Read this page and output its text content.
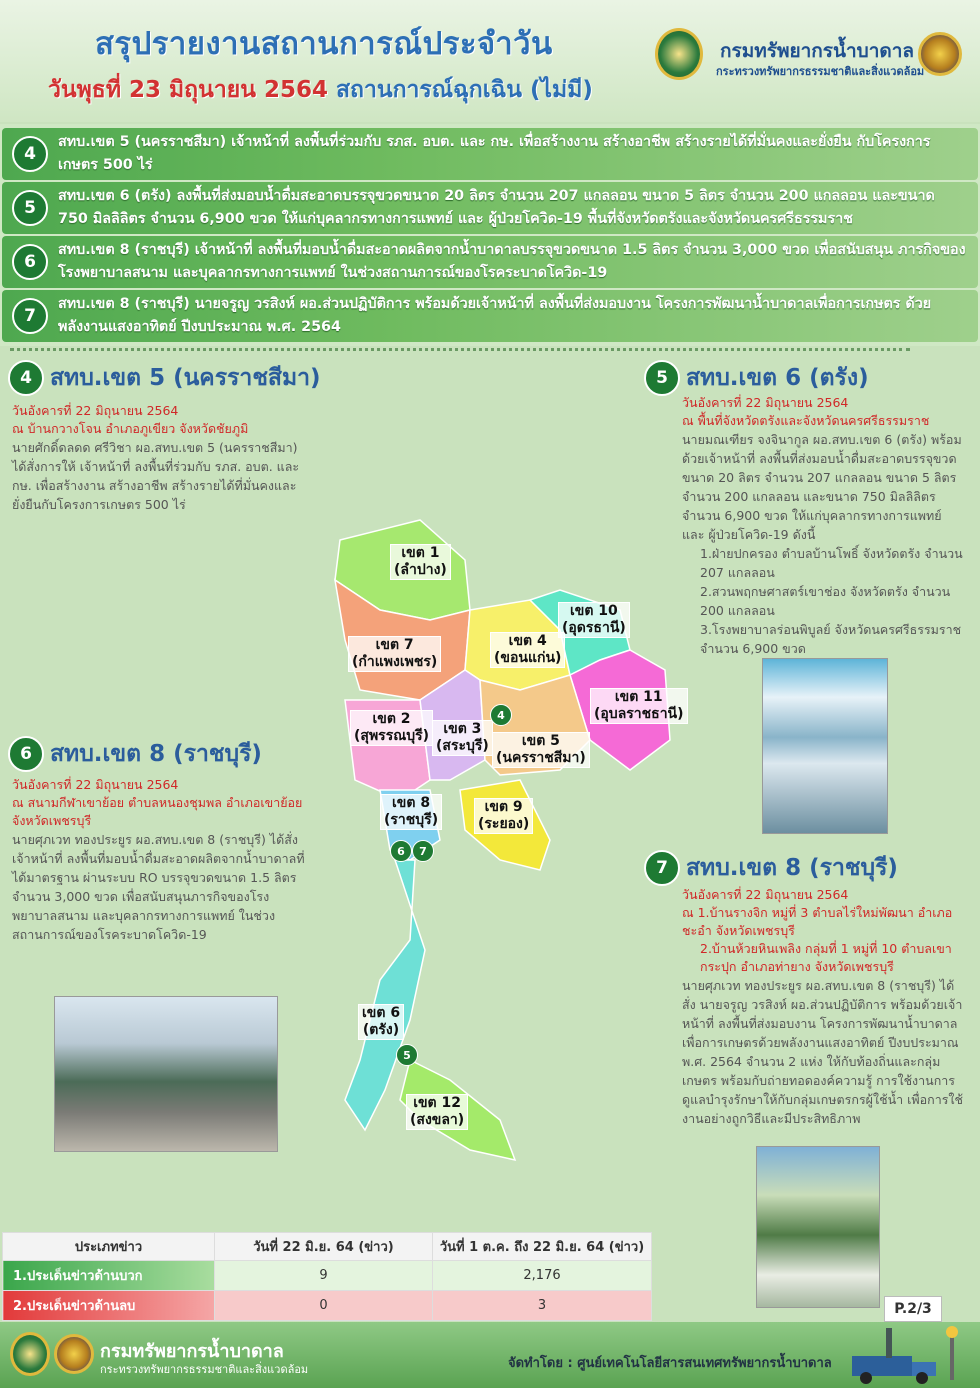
สรุปรายงานสถานการณ์ประจำวัน
วันพุธที่ 23 มิถุนายน 2564 สถานการณ์ฉุกเฉิน (ไม่มี)
กรมทรัพยากรน้ำบาดาล
กระทรวงทรัพยากรธรรมชาติและสิ่งแวดล้อม
4
สทบ.เขต 5 (นครราชสีมา) เจ้าหน้าที่ ลงพื้นที่ร่วมกับ รภส. อบต. และ กษ. เพื่อสร้างงาน สร้างอาชีพ สร้างรายได้ที่มั่นคงและยั่งยืน กับโครงการเกษตร 500 ไร่
5
สทบ.เขต 6 (ตรัง) ลงพื้นที่ส่งมอบน้ำดื่มสะอาดบรรจุขวดขนาด 20 ลิตร จำนวน 207 แกลลอน ขนาด 5 ลิตร จำนวน 200 แกลลอน และขนาด 750 มิลลิลิตร จำนวน 6,900 ขวด ให้แก่บุคลากรทางการแพทย์ และ ผู้ป่วยโควิด-19 พื้นที่จังหวัดตรังและจังหวัดนครศรีธรรมราช
6
สทบ.เขต 8 (ราชบุรี) เจ้าหน้าที่ ลงพื้นที่มอบน้ำดื่มสะอาดผลิตจากน้ำบาดาลบรรจุขวดขนาด 1.5 ลิตร จำนวน 3,000 ขวด เพื่อสนับสนุน ภารกิจของโรงพยาบาลสนาม และบุคลากรทางการแพทย์ ในช่วงสถานการณ์ของโรคระบาดโควิด-19
7
สทบ.เขต 8 (ราชบุรี) นายจรูญ วรสิงห์ ผอ.ส่วนปฏิบัติการ พร้อมด้วยเจ้าหน้าที่ ลงพื้นที่ส่งมอบงาน โครงการพัฒนาน้ำบาดาลเพื่อการเกษตร ด้วยพลังงานแสงอาทิตย์ ปีงบประมาณ พ.ศ. 2564
4 สทบ.เขต 5 (นครราชสีมา)
วันอังคารที่ 22 มิถุนายน 2564
ณ บ้านกวางโจน อำเภอภูเขียว จังหวัดชัยภูมิ
นายศักดิ์ดลดด ศรีวิชา ผอ.สทบ.เขต 5 (นครราชสีมา) ได้สั่งการให้ เจ้าหน้าที่ ลงพื้นที่ร่วมกับ รภส. อบต. และ กษ. เพื่อสร้างงาน สร้างอาชีพ สร้างรายได้ที่มั่นคงและยั่งยืนกับโครงการเกษตร 500 ไร่
5 สทบ.เขต 6 (ตรัง)
วันอังคารที่ 22 มิถุนายน 2564
ณ พื้นที่จังหวัดตรังและจังหวัดนครศรีธรรมราช
นายมณเฑียร จงจินากูล ผอ.สทบ.เขต 6 (ตรัง) พร้อมด้วยเจ้าหน้าที่ ลงพื้นที่ส่งมอบน้ำดื่มสะอาดบรรจุขวดขนาด 20 ลิตร จำนวน 207 แกลลอน ขนาด 5 ลิตร จำนวน 200 แกลลอน และขนาด 750 มิลลิลิตร จำนวน 6,900 ขวด ให้แก่บุคลากรทางการแพทย์ และ ผู้ป่วยโควิด-19 ดังนี้
1.ฝ่ายปกครอง ตำบลบ้านโพธิ์ จังหวัดตรัง จำนวน 207 แกลลอน
2.สวนพฤกษศาสตร์เขาช่อง จังหวัดตรัง จำนวน 200 แกลลอน
3.โรงพยาบาลร่อนพิบูลย์ จังหวัดนครศรีธรรมราช จำนวน 6,900 ขวด
6 สทบ.เขต 8 (ราชบุรี)
วันอังคารที่ 22 มิถุนายน 2564
ณ สนามกีฬาเขาย้อย ตำบลหนองชุมพล อำเภอเขาย้อย จังหวัดเพชรบุรี
นายศุภเวท ทองประยูร ผอ.สทบ.เขต 8 (ราชบุรี) ได้สั่งเจ้าหน้าที่ ลงพื้นที่มอบน้ำดื่มสะอาดผลิตจากน้ำบาดาลที่ได้มาตรฐาน ผ่านระบบ RO บรรจุขวดขนาด 1.5 ลิตร จำนวน 3,000 ขวด เพื่อสนับสนุนภารกิจของโรงพยาบาลสนาม และบุคลากรทางการแพทย์ ในช่วงสถานการณ์ของโรคระบาดโควิด-19
เขต 1
(ลำปาง)
เขต 7
(กำแพงเพชร)
เขต 4
(ขอนแก่น)
เขต 10
(อุดรธานี)
เขต 11
(อุบลราชธานี)
เขต 2
(สุพรรณบุรี)	เขต 3
(สระบุรี)	เขต 5
(นครราชสีมา)
เขต 8
(ราชบุรี)
เขต 9
(ระยอง)
เขต 6
(ตรัง)
เขต 12
(สงขลา)
4
6	7
5
7 สทบ.เขต 8 (ราชบุรี)
วันอังคารที่ 22 มิถุนายน 2564
ณ 1.บ้านรางจิก หมู่ที่ 3 ตำบลไร่ใหม่พัฒนา อำเภอชะอำ จังหวัดเพชรบุรี
2.บ้านห้วยหินเพลิง กลุ่มที่ 1 หมู่ที่ 10 ตำบลเขากระปุก อำเภอท่ายาง จังหวัดเพชรบุรี
นายศุภเวท ทองประยูร ผอ.สทบ.เขต 8 (ราชบุรี) ได้สั่ง นายจรูญ วรสิงห์ ผอ.ส่วนปฏิบัติการ พร้อมด้วยเจ้าหน้าที่ ลงพื้นที่ส่งมอบงาน โครงการพัฒนาน้ำบาดาลเพื่อการเกษตรด้วยพลังงานแสงอาทิตย์ ปีงบประมาณ พ.ศ. 2564 จำนวน 2 แห่ง ให้กับท้องถิ่นและกลุ่มเกษตร พร้อมกับถ่ายทอดองค์ความรู้ การใช้งานการดูแลบำรุงรักษาให้กับกลุ่มเกษตรกรผู้ใช้น้ำ เพื่อการใช้งานอย่างถูกวิธีและมีประสิทธิภาพ
ประเภทข่าว	วันที่ 22 มิ.ย. 64 (ข่าว)	วันที่ 1 ต.ค. ถึง 22 มิ.ย. 64 (ข่าว)
1.ประเด็นข่าวด้านบวก	9	2,176
2.ประเด็นข่าวด้านลบ	0	3	P.2/3
กรมทรัพยากรน้ำบาดาล
กระทรวงทรัพยากรธรรมชาติและสิ่งแวดล้อม	จัดทำโดย : ศูนย์เทคโนโลยีสารสนเทศทรัพยากรน้ำบาดาล
